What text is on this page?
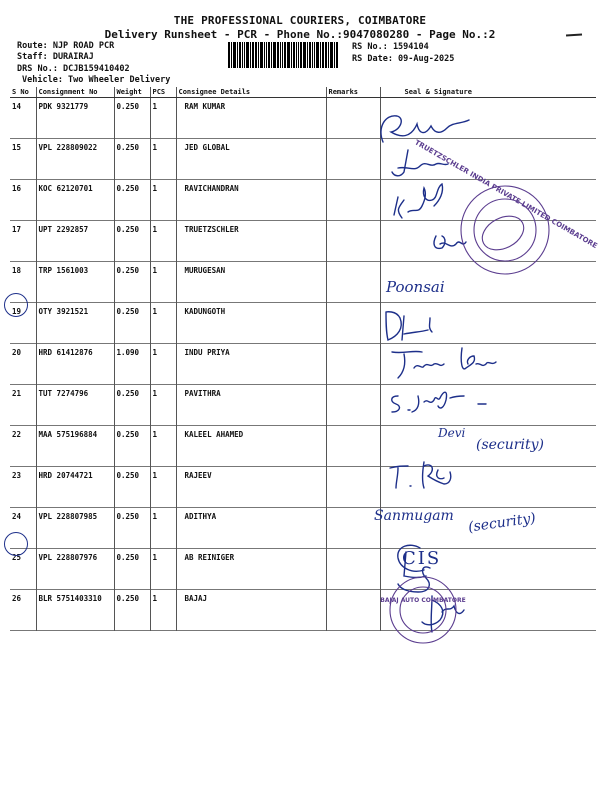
THE PROFESSIONAL COURIERS, COIMBATORE
Delivery Runsheet - PCR - Phone No.:9047080280 - Page No.:2
Route: NJP ROAD PCR
Staff: DURAIRAJ
DRS No.: DCJB159410402
Vehicle: Two Wheeler Delivery
RS No.: 1594104
RS Date: 09-Aug-2025
S No	Consignment No	Weight	PCS	Consignee Details	Remarks	Seal & Signature
14	PDK 9321779	0.250	1	RAM KUMAR		
15	VPL 228809022	0.250	1	JED GLOBAL		
16	KOC 62120701	0.250	1	RAVICHANDRAN		
17	UPT 2292857	0.250	1	TRUETZSCHLER		
18	TRP 1561003	0.250	1	MURUGESAN		
19	OTY 3921521	0.250	1	KADUNGOTH		
20	HRD 61412876	1.090	1	INDU PRIYA		
21	TUT 7274796	0.250	1	PAVITHRA		
22	MAA 575196884	0.250	1	KALEEL AHAMED		
23	HRD 20744721	0.250	1	RAJEEV		
24	VPL 228807985	0.250	1	ADITHYA		
25	VPL 228807976	0.250	1	AB REINIGER		
26	BLR 5751403310	0.250	1	BAJAJ		
TRUETZSCHLER INDIA PRIVATE LIMITED COIMBATORE
BAJAJ AUTO COIMBATORE
Poonsai
Devi
(security)
Sanmugam (security)
CIS
